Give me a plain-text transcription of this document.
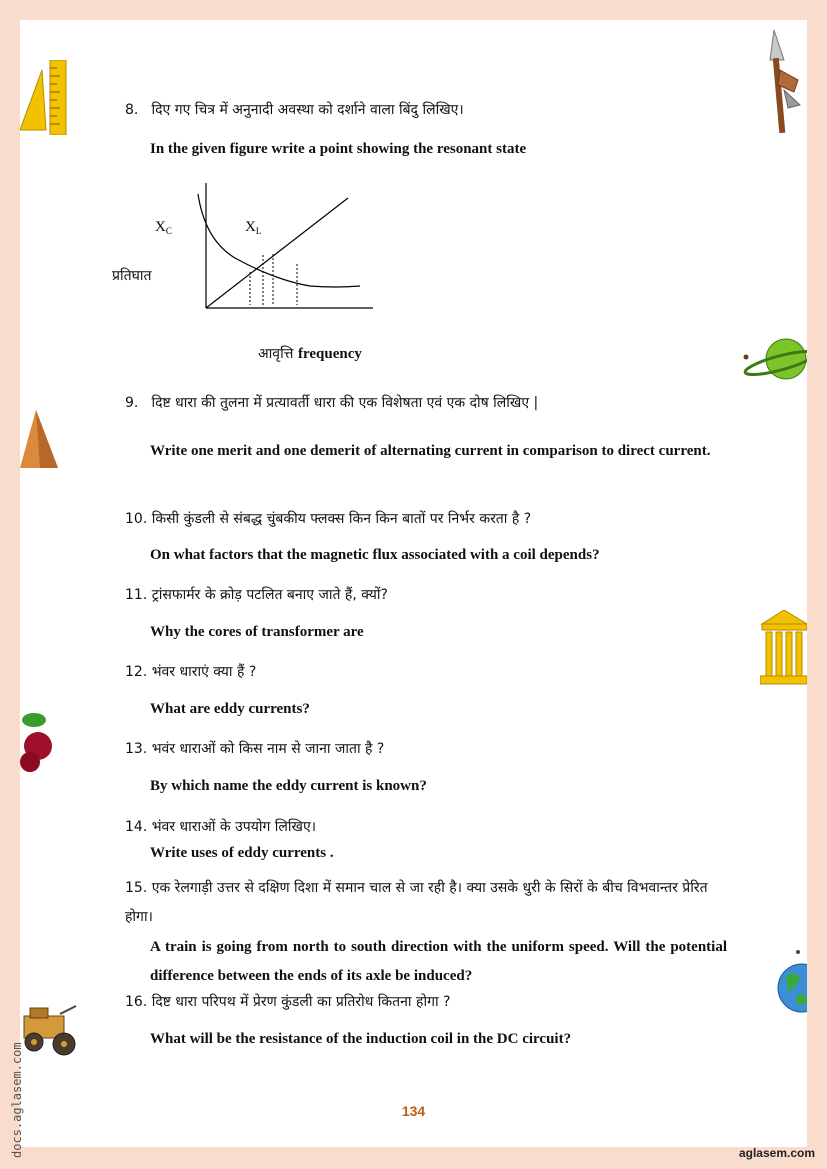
8. दिए गए चित्र में अनुनादी अवस्था को दर्शाने वाला बिंदु लिखिए।
In the given figure write a point showing the resonant state
$X_C$	$X_L$
प्रतिघात
आवृत्ति frequency
9. दिष्ट धारा की तुलना में प्रत्यावर्ती धारा की एक विशेषता एवं एक दोष लिखिए |
Write one merit and one demerit of alternating current in comparison to direct current.
10. किसी कुंडली से संबद्ध चुंबकीय फ्लक्स किन किन बातों पर निर्भर करता है ?
On what factors that the magnetic flux associated with a coil depends?
11. ट्रांसफार्मर के क्रोड़ पटलित बनाए जाते हैं, क्यों?
Why the cores of transformer are
12. भंवर धाराएं क्या हैं ?
What are eddy currents?
13. भवंर धाराओं को किस नाम से जाना जाता है ?
By which name the eddy current is known?
14. भंवर धाराओं के उपयोग लिखिए।
Write uses of eddy currents .
15. एक रेलगाड़ी उत्तर से दक्षिण दिशा में समान चाल से जा रही है। क्या उसके धुरी के सिरों के बीच विभवान्तर प्रेरित होगा।
A train is going from north to south direction with the uniform speed. Will the potential difference between the ends of its axle be induced?
16. दिष्ट धारा परिपथ में प्रेरण कुंडली का प्रतिरोध कितना होगा ?
What will be the resistance of the induction coil in the DC circuit?
134
docs.aglasem.com	aglasem.com
